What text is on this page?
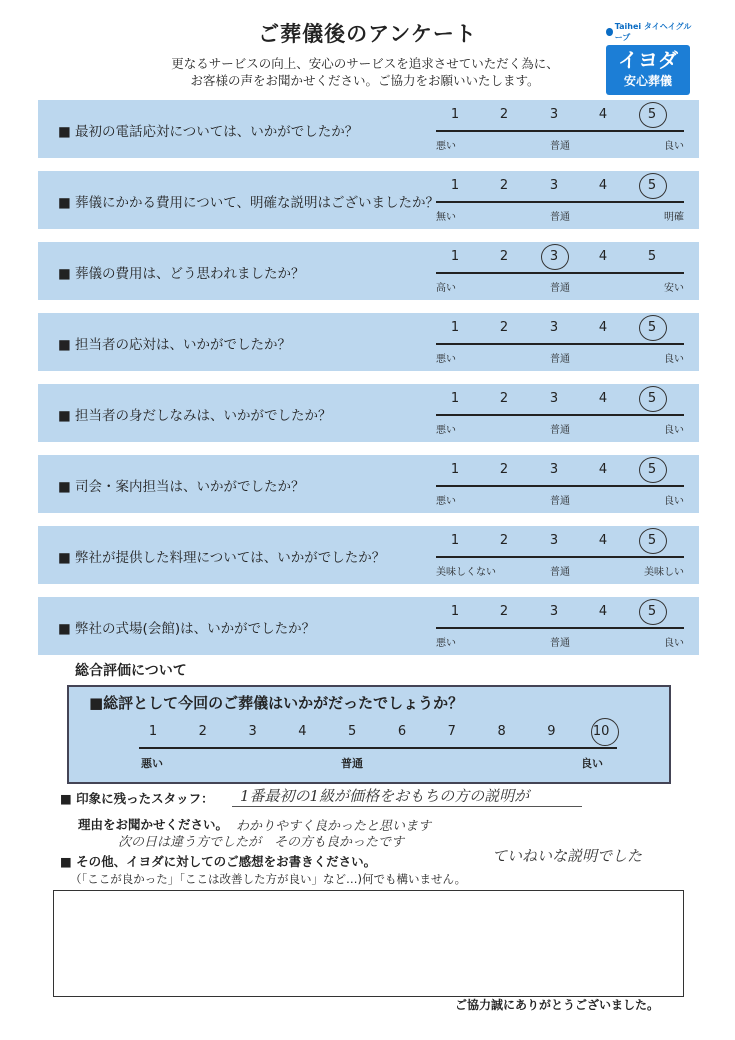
ご葬儀後のアンケート
更なるサービスの向上、安心のサービスを追求させていただく為に、
お客様の声をお聞かせください。ご協力をお願いいたします。
Taihei タイヘイグループ
イヨダ
安心葬儀
■ 最初の電話応対については、いかがでしたか？
1	2	3	4	5
悪い	普通	良い
■ 葬儀にかかる費用について、明確な説明はございましたか？
1	2	3	4	5
無い	普通	明確
■ 葬儀の費用は、どう思われましたか？
1	2	3	4	5
高い	普通	安い
■ 担当者の応対は、いかがでしたか？
1	2	3	4	5
悪い	普通	良い
■ 担当者の身だしなみは、いかがでしたか？
1	2	3	4	5
悪い	普通	良い
■ 司会・案内担当は、いかがでしたか？
1	2	3	4	5
悪い	普通	良い
■ 弊社が提供した料理については、いかがでしたか？
1	2	3	4	5
美味しくない	普通	美味しい
■ 弊社の式場(会館)は、いかがでしたか？
1	2	3	4	5
悪い	普通	良い
総合評価について
■総評として今回のご葬儀はいかがだったでしょうか？
1	2	3	4	5	6	7	8	9	10
悪い	普通	良い
■ 印象に残ったスタッフ： 1番最初の1級が価格をおもちの方の説明が
理由をお聞かせください。 わかりやすく良かったと思います
次の日は違う方でしたが　その方も良かったです
ていねいな説明でした
■ その他、イヨダに対してのご感想をお書きください。
（「ここが良かった」「ここは改善した方が良い」など…)何でも構いません。
ご協力誠にありがとうございました。
